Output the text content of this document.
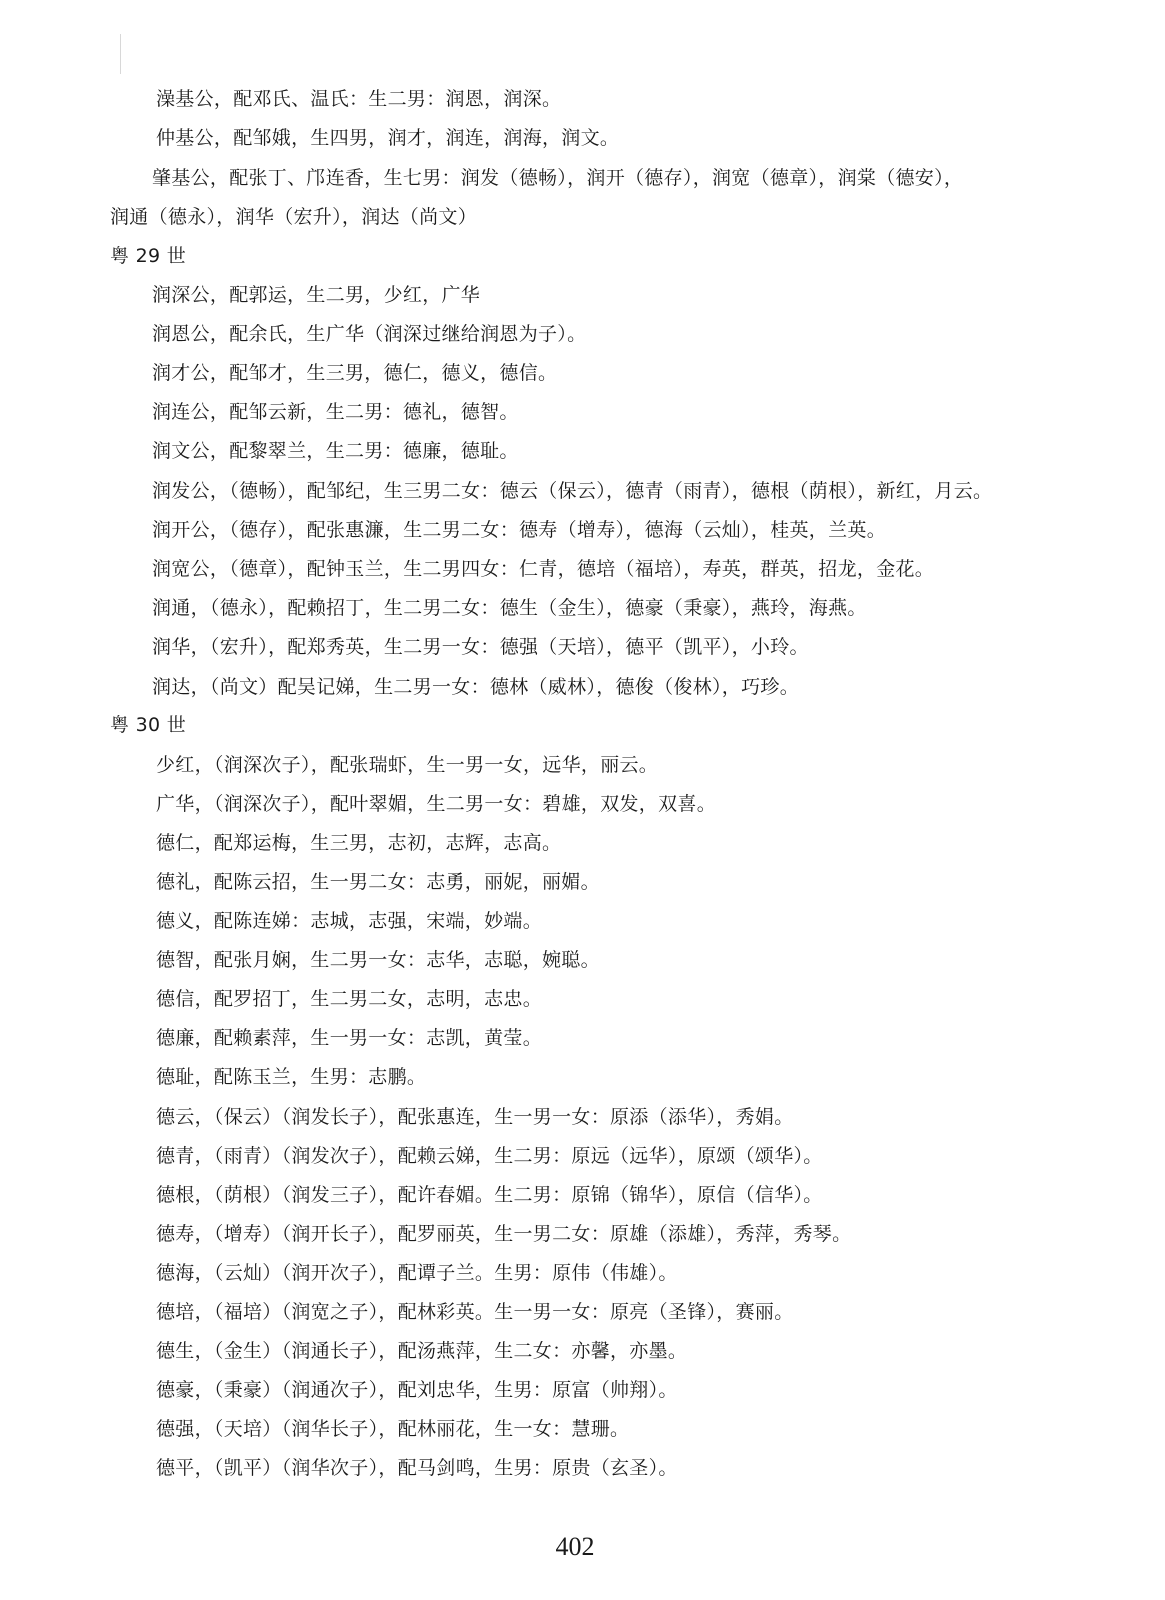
澡基公，配邓氏、温氏：生二男：润恩，润深。
仲基公，配邹娥，生四男，润才，润连，润海，润文。
肇基公，配张丁、邝连香，生七男：润发（德畅），润开（德存），润宽（德章），润棠（德安），
润通（德永），润华（宏升），润达（尚文）
粤 29 世
润深公，配郭运，生二男，少红，广华
润恩公，配余氏，生广华（润深过继给润恩为子）。
润才公，配邹才，生三男，德仁，德义，德信。
润连公，配邹云新，生二男：德礼，德智。
润文公，配黎翠兰，生二男：德廉，德耻。
润发公，（德畅），配邹纪，生三男二女：德云（保云），德青（雨青），德根（荫根），新红，月云。
润开公，（德存），配张惠濂，生二男二女：德寿（增寿），德海（云灿），桂英，兰英。
润宽公，（德章），配钟玉兰，生二男四女：仁青，德培（福培），寿英，群英，招龙，金花。
润通，（德永），配赖招丁，生二男二女：德生（金生），德豪（秉豪），燕玲，海燕。
润华，（宏升），配郑秀英，生二男一女：德强（天培），德平（凯平），小玲。
润达，（尚文）配吴记娣，生二男一女：德林（威林），德俊（俊林），巧珍。
粤 30 世
少红，（润深次子），配张瑞虾，生一男一女，远华，丽云。
广华，（润深次子），配叶翠媚，生二男一女：碧雄，双发，双喜。
德仁，配郑运梅，生三男，志初，志辉，志高。
德礼，配陈云招，生一男二女：志勇，丽妮，丽媚。
德义，配陈连娣：志城，志强，宋端，妙端。
德智，配张月娴，生二男一女：志华，志聪，婉聪。
德信，配罗招丁，生二男二女，志明，志忠。
德廉，配赖素萍，生一男一女：志凯，黄莹。
德耻，配陈玉兰，生男：志鹏。
德云，（保云）（润发长子），配张惠连，生一男一女：原添（添华），秀娟。
德青，（雨青）（润发次子），配赖云娣，生二男：原远（远华），原颂（颂华）。
德根，（荫根）（润发三子），配许春媚。生二男：原锦（锦华），原信（信华）。
德寿，（增寿）（润开长子），配罗丽英，生一男二女：原雄（添雄），秀萍，秀琴。
德海，（云灿）（润开次子），配谭子兰。生男：原伟（伟雄）。
德培，（福培）（润宽之子），配林彩英。生一男一女：原亮（圣锋），赛丽。
德生，（金生）（润通长子），配汤燕萍，生二女：亦馨，亦墨。
德豪，（秉豪）（润通次子），配刘忠华，生男：原富（帅翔）。
德强，（天培）（润华长子），配林丽花，生一女：慧珊。
德平，（凯平）（润华次子），配马剑鸣，生男：原贵（玄圣）。
402
